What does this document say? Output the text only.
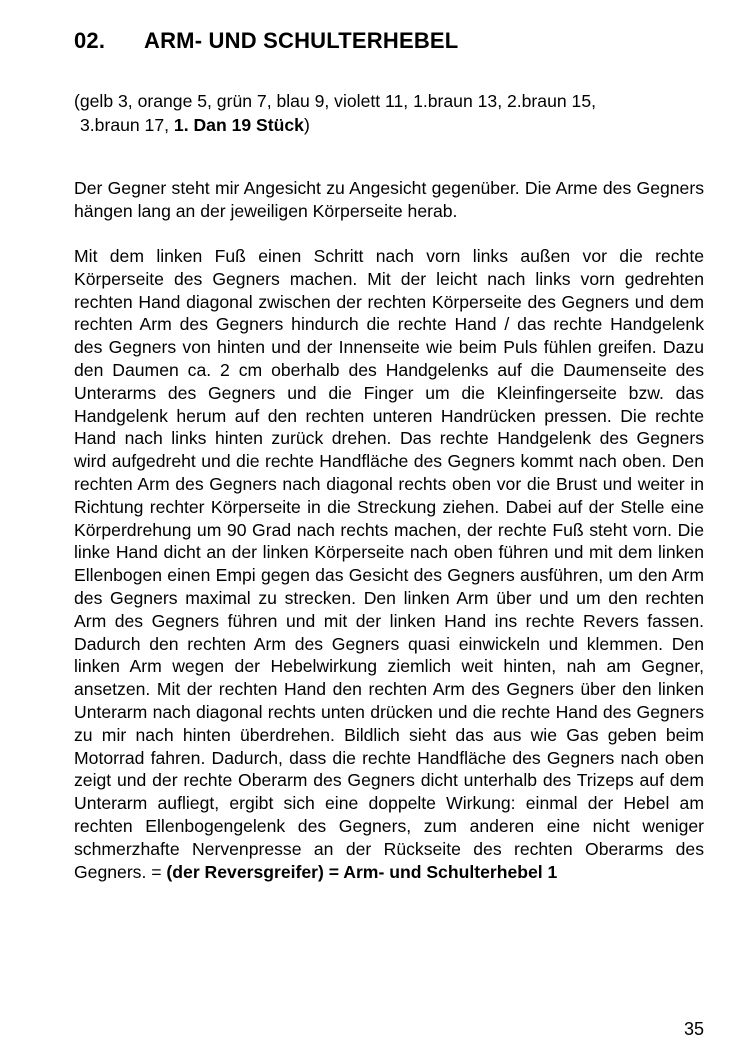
02. ARM- UND SCHULTERHEBEL
(gelb 3, orange 5, grün 7, blau 9, violett 11, 1.braun 13, 2.braun 15,
3.braun 17, 1. Dan 19 Stück)

Der Gegner steht mir Angesicht zu Angesicht gegenüber. Die Arme des Gegners hängen lang an der jeweiligen Körperseite herab.

Mit dem linken Fuß einen Schritt nach vorn links außen vor die rechte Körperseite des Gegners machen. Mit der leicht nach links vorn gedrehten rechten Hand diagonal zwischen der rechten Körperseite des Gegners und dem rechten Arm des Gegners hindurch die rechte Hand / das rechte Handgelenk des Gegners von hinten und der Innenseite wie beim Puls fühlen greifen. Dazu den Daumen ca. 2 cm oberhalb des Handgelenks auf die Daumenseite des Unterarms des Gegners und die Finger um die Kleinfingerseite bzw. das Handgelenk herum auf den rechten unteren Handrücken pressen. Die rechte Hand nach links hinten zurück drehen. Das rechte Handgelenk des Gegners wird aufgedreht und die rechte Handfläche des Gegners kommt nach oben. Den rechten Arm des Gegners nach diagonal rechts oben vor die Brust und weiter in Richtung rechter Körperseite in die Streckung ziehen. Dabei auf der Stelle eine Körperdrehung um 90 Grad nach rechts machen, der rechte Fuß steht vorn. Die linke Hand dicht an der linken Körperseite nach oben führen und mit dem linken Ellenbogen einen Empi gegen das Gesicht des Gegners ausführen, um den Arm des Gegners maximal zu strecken. Den linken Arm über und um den rechten Arm des Gegners führen und mit der linken Hand ins rechte Revers fassen. Dadurch den rechten Arm des Gegners quasi einwickeln und klemmen. Den linken Arm wegen der Hebelwirkung ziemlich weit hinten, nah am Gegner, ansetzen. Mit der rechten Hand den rechten Arm des Gegners über den linken Unterarm nach diagonal rechts unten drücken und die rechte Hand des Gegners zu mir nach hinten überdrehen. Bildlich sieht das aus wie Gas geben beim Motorrad fahren. Dadurch, dass die rechte Handfläche des Gegners nach oben zeigt und der rechte Oberarm des Gegners dicht unterhalb des Trizeps auf dem Unterarm aufliegt, ergibt sich eine doppelte Wirkung: einmal der Hebel am rechten Ellenbogengelenk des Gegners, zum anderen eine nicht weniger schmerzhafte Nervenpresse an der Rückseite des rechten Oberarms des Gegners. = (der Reversgreifer) = Arm- und Schulterhebel 1

35
